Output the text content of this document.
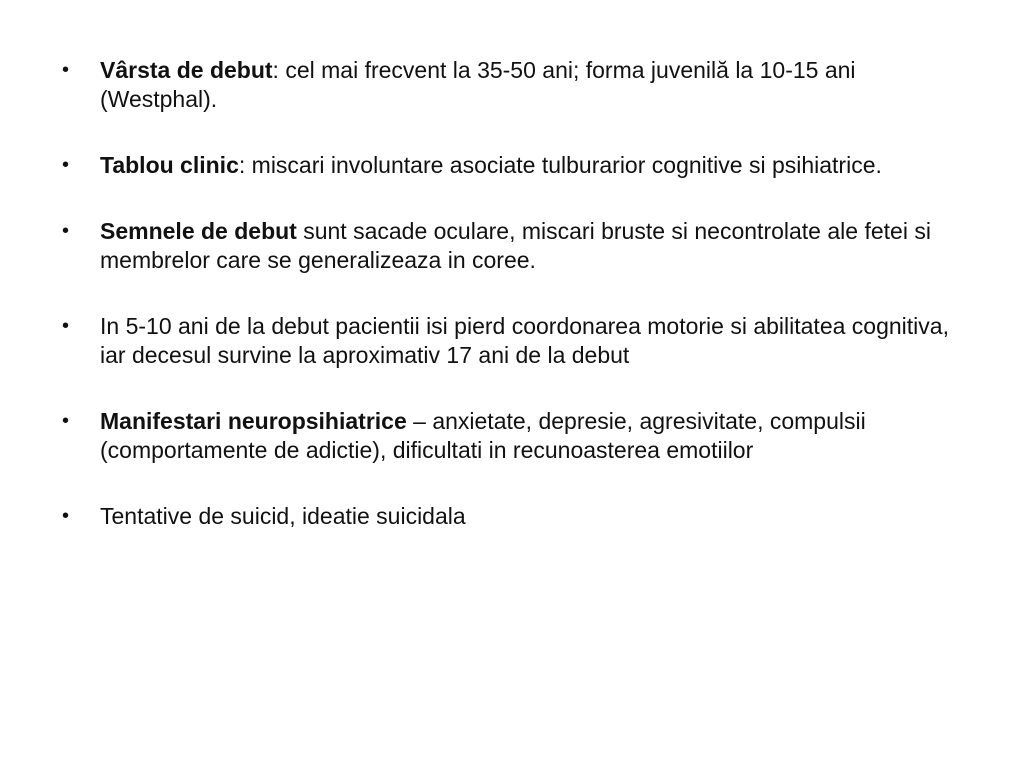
• Vârsta de debut: cel mai frecvent la 35-50 ani; forma juvenilă la 10-15 ani (Westphal).
• Tablou clinic: miscari involuntare asociate tulburarior cognitive si psihiatrice.
• Semnele de debut sunt sacade oculare, miscari bruste si necontrolate ale fetei si membrelor care se generalizeaza in coree.
• In 5-10 ani de la debut pacientii isi pierd coordonarea motorie si abilitatea cognitiva, iar decesul survine la aproximativ 17 ani de la debut
• Manifestari neuropsihiatrice – anxietate, depresie, agresivitate, compulsii (comportamente de adictie), dificultati in recunoasterea emotiilor
• Tentative de suicid, ideatie suicidala
